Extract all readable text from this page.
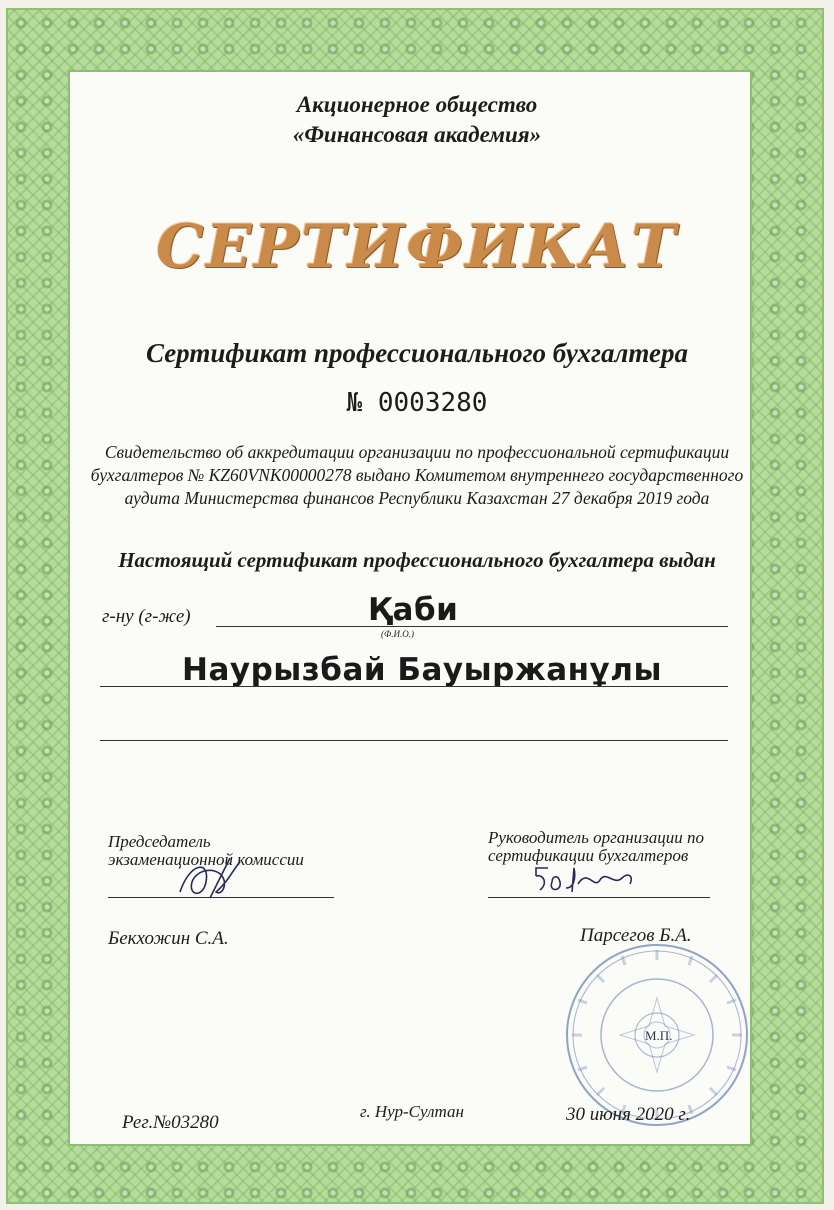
Акционерное общество
«Финансовая академия»
СЕРТИФИКАТ
Сертификат профессионального бухгалтера
№ 0003280
Свидетельство об аккредитации организации по профессиональной сертификации
бухгалтеров № KZ60VNK00000278 выдано Комитетом внутреннего государственного
аудита Министерства финансов Республики Казахстан 27 декабря 2019 года
Настоящий сертификат профессионального бухгалтера выдан
г-ну (г-же)	Қаби
(Ф.И.О.)
Наурызбай Бауыржанұлы
Председатель
экзаменационной комиссии
Бекхожин С.А.
Руководитель организации по
сертификации бухгалтеров
Парсегов Б.А.
М.П.
Рег.№03280
г. Нур-Султан	30 июня 2020 г.
